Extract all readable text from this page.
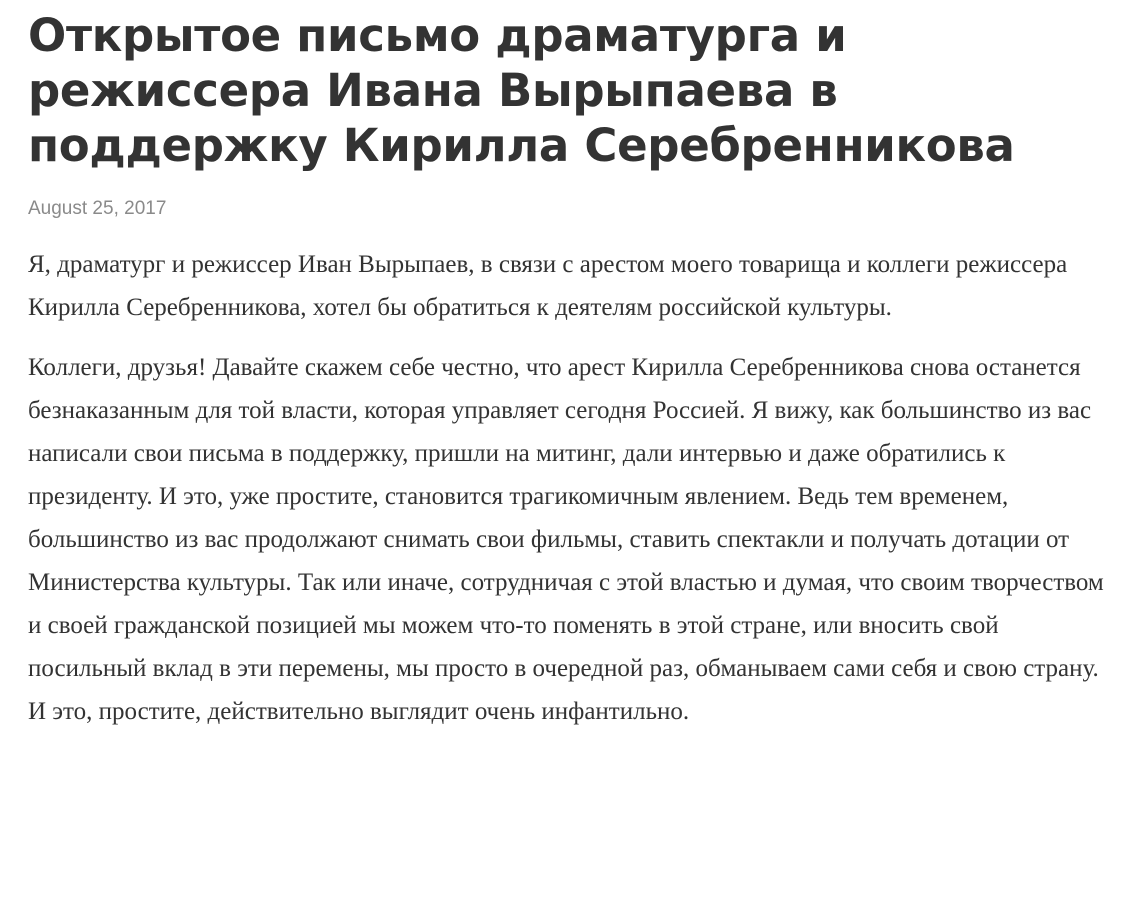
Открытое письмо драматурга и режиссера Ивана Вырыпаева в поддержку Кирилла Серебренникова
August 25, 2017

Я, драматург и режиссер Иван Вырыпаев, в связи с арестом моего товарища и коллеги режиссера Кирилла Серебренникова, хотел бы обратиться к деятелям российской культуры.

Коллеги, друзья! Давайте скажем себе честно, что арест Кирилла Серебренникова снова останется безнаказанным для той власти, которая управляет сегодня Россией. Я вижу, как большинство из вас написали свои письма в поддержку, пришли на митинг, дали интервью и даже обратились к президенту. И это, уже простите, становится трагикомичным явлением. Ведь тем временем, большинство из вас продолжают снимать свои фильмы, ставить спектакли и получать дотации от Министерства культуры. Так или иначе, сотрудничая с этой властью и думая, что своим творчеством и своей гражданской позицией мы можем что-то поменять в этой стране, или вносить свой посильный вклад в эти перемены, мы просто в очередной раз, обманываем сами себя и свою страну. И это, простите, действительно выглядит очень инфантильно.
